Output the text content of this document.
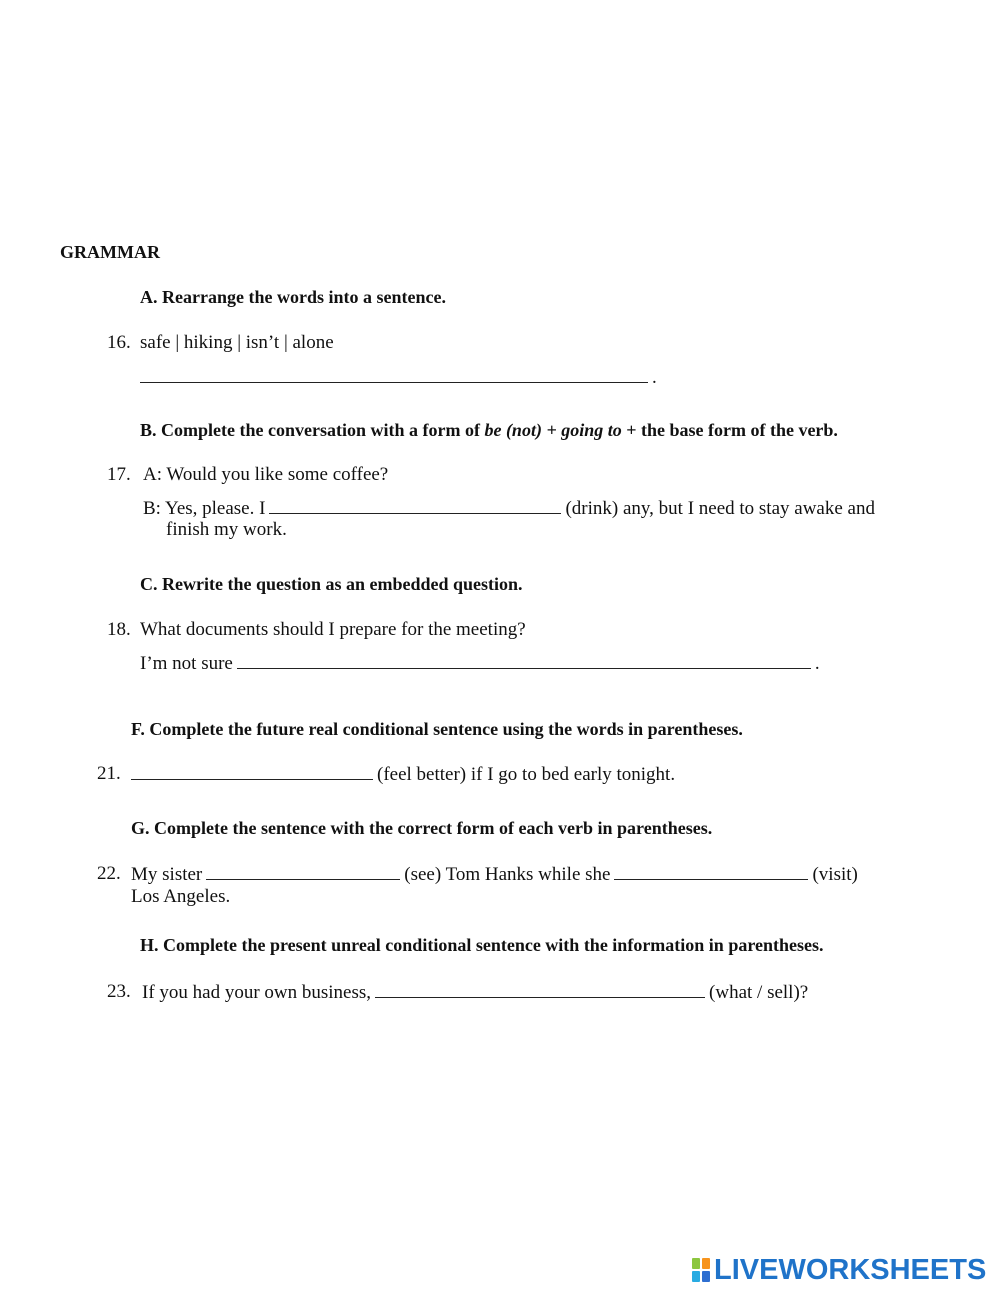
GRAMMAR
A. Rearrange the words into a sentence.
16. safe | hiking | isn’t | alone
.
B. Complete the conversation with a form of be (not) + going to + the base form of the verb.
17. A: Would you like some coffee?
B: Yes, please. I	(drink) any, but I need to stay awake and
finish my work.
C. Rewrite the question as an embedded question.
18. What documents should I prepare for the meeting?
I’m not sure	.
F. Complete the future real conditional sentence using the words in parentheses.
21.	(feel better) if I go to bed early tonight.
G. Complete the sentence with the correct form of each verb in parentheses.
22. My sister	(see) Tom Hanks while she	(visit)
Los Angeles.
H. Complete the present unreal conditional sentence with the information in parentheses.
23. If you had your own business,	(what / sell)?
LIVEWORKSHEETS
